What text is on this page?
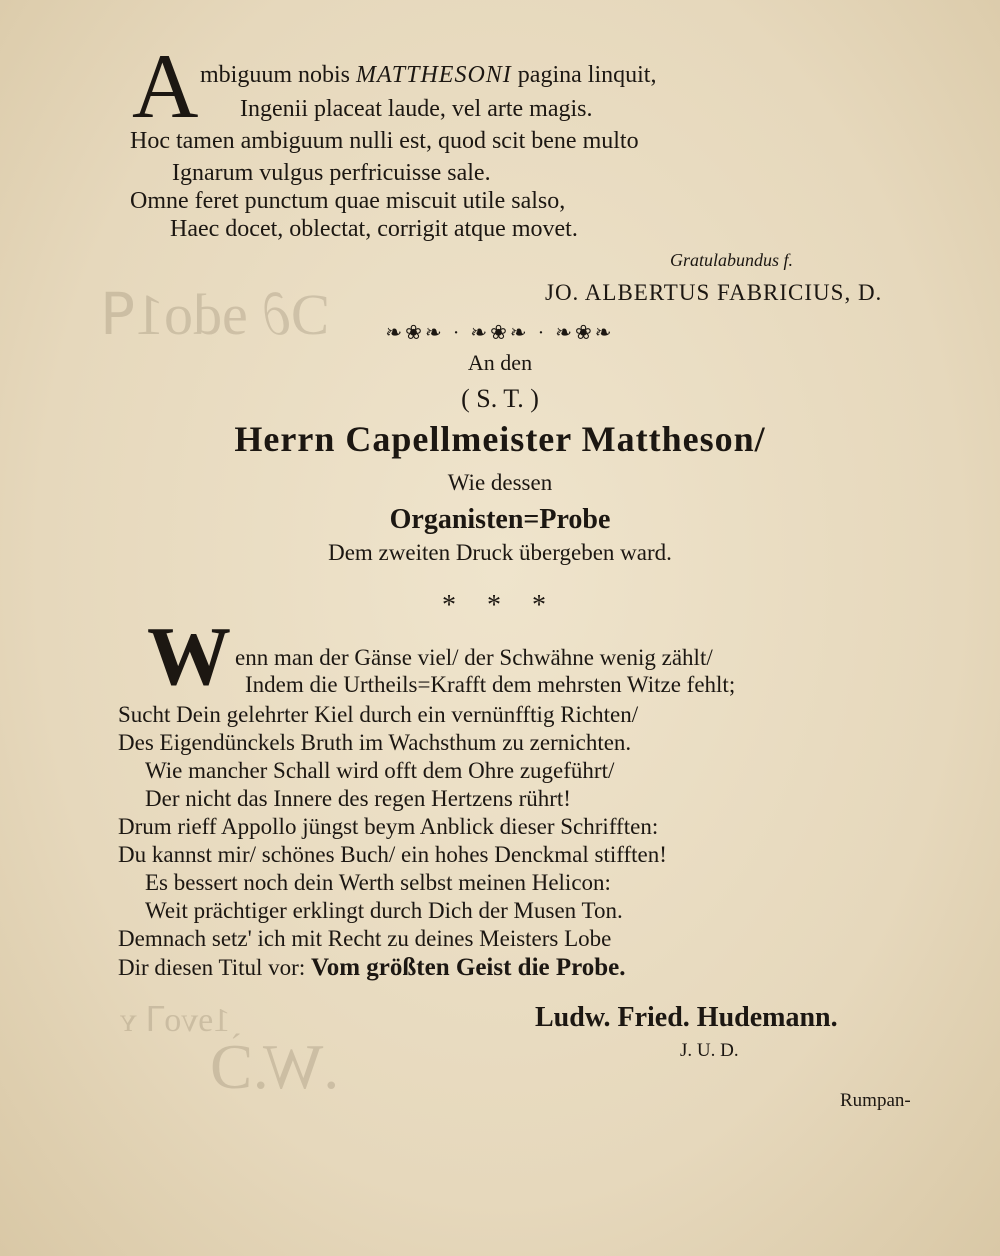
Ɔ∂ ɘdo1ꟼ
ˎ1ɘvoꓶ ʏ
.W.Ɔ
A mbiguum nobis MATTHESONI pagina linquit,
Ingenii placeat laude, vel arte magis.
Hoc tamen ambiguum nulli est, quod scit bene multo
Ignarum vulgus perfricuisse sale.
Omne feret punctum quae miscuit utile salso,
Haec docet, oblectat, corrigit atque movet.
Gratulabundus f.
JO. ALBERTUS FABRICIUS, D.
❧❀❧ · ❧❀❧ · ❧❀❧
An den
( S. T. )
Herrn Capellmeister Mattheson/
Wie dessen
Organisten=Probe
Dem zweiten Druck übergeben ward.
* * *
W enn man der Gänse viel/ der Schwähne wenig zählt/
Indem die Urtheils=Krafft dem mehrsten Witze fehlt;
Sucht Dein gelehrter Kiel durch ein vernünfftig Richten/
Des Eigendünckels Bruth im Wachsthum zu zernichten.
Wie mancher Schall wird offt dem Ohre zugeführt/
Der nicht das Innere des regen Hertzens rührt!
Drum rieff Appollo jüngst beym Anblick dieser Schrifften:
Du kannst mir/ schönes Buch/ ein hohes Denckmal stifften!
Es bessert noch dein Werth selbst meinen Helicon:
Weit prächtiger erklingt durch Dich der Musen Ton.
Demnach setz' ich mit Recht zu deines Meisters Lobe
Dir diesen Titul vor: Vom größten Geist die Probe.
Ludw. Fried. Hudemann.
J. U. D.
Rumpan-
